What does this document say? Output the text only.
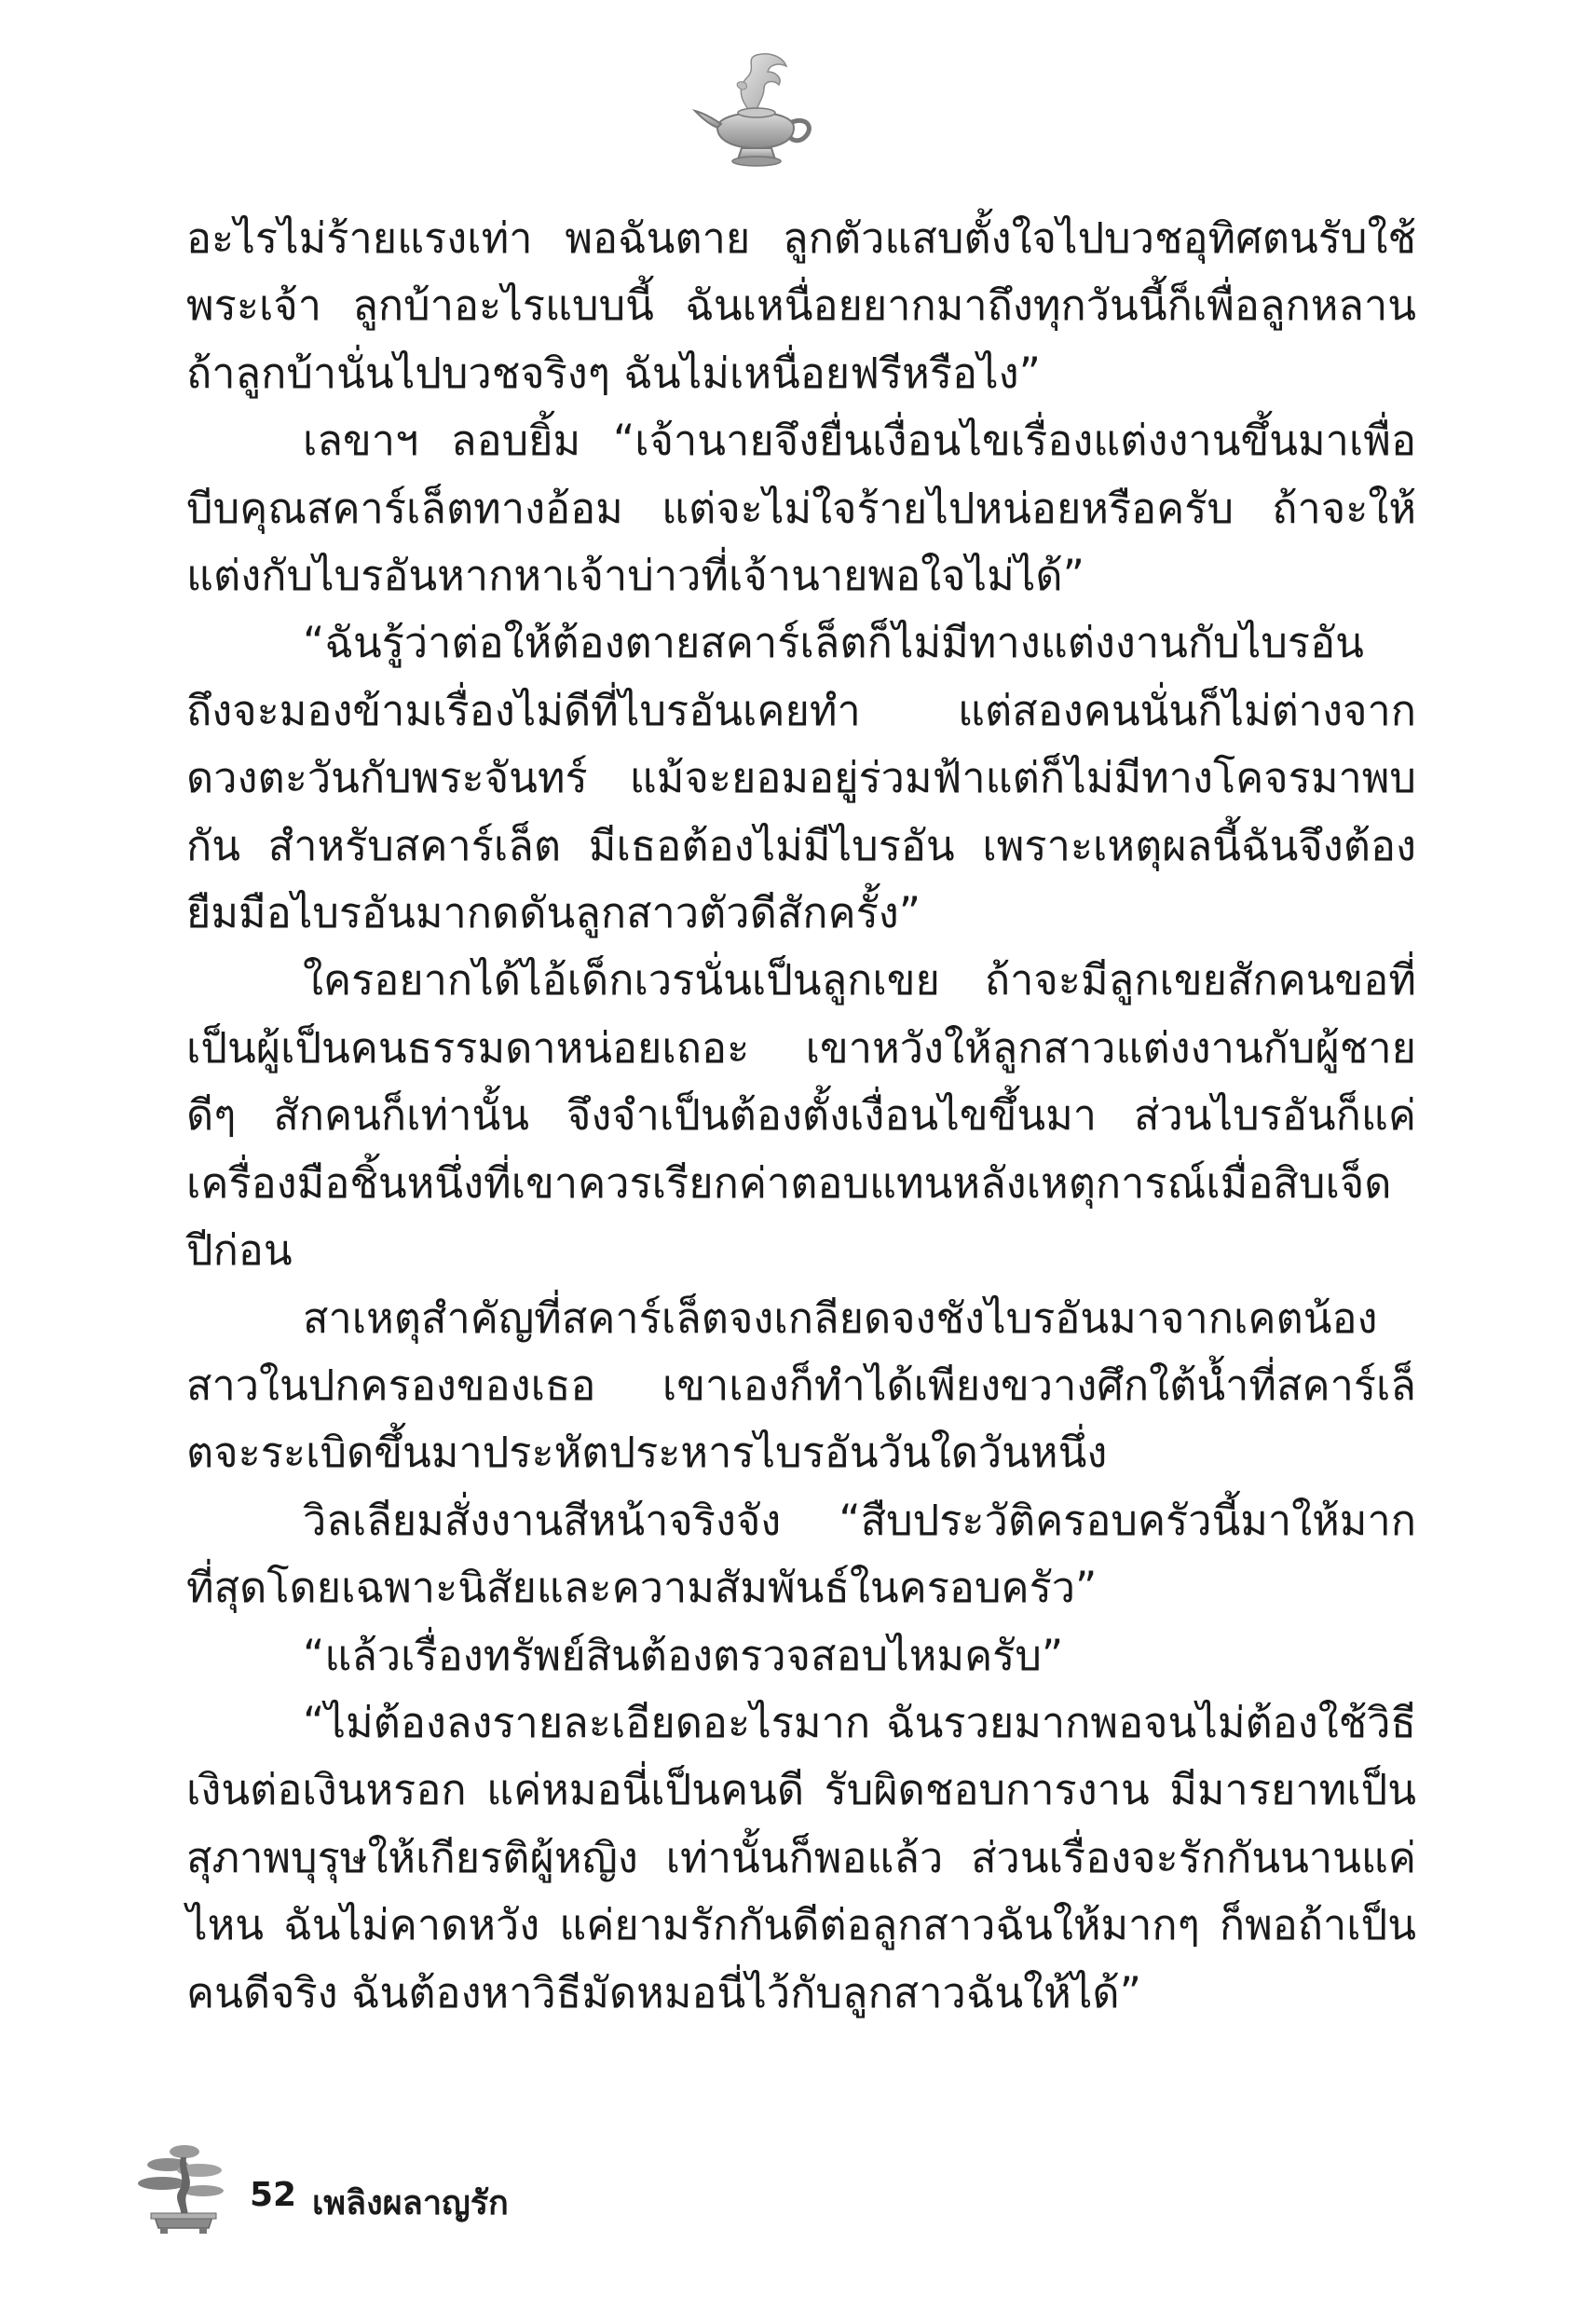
อะไรไม่ร้ายแรงเท่า พอฉันตาย ลูกตัวแสบตั้งใจไปบวชอุทิศตนรับใช้พระเจ้า ลูกบ้าอะไรแบบนี้ ฉันเหนื่อยยากมาถึงทุกวันนี้ก็เพื่อลูกหลาน ถ้าลูกบ้านั่นไปบวชจริงๆ ฉันไม่เหนื่อยฟรีหรือไง”

เลขาฯ ลอบยิ้ม “เจ้านายจึงยื่นเงื่อนไขเรื่องแต่งงานขึ้นมาเพื่อบีบคุณสคาร์เล็ตทางอ้อม แต่จะไม่ใจร้ายไปหน่อยหรือครับ ถ้าจะให้แต่งกับไบรอันหากหาเจ้าบ่าวที่เจ้านายพอใจไม่ได้”

“ฉันรู้ว่าต่อให้ต้องตายสคาร์เล็ตก็ไม่มีทางแต่งงานกับไบรอัน ถึงจะมองข้ามเรื่องไม่ดีที่ไบรอันเคยทำ แต่สองคนนั่นก็ไม่ต่างจากดวงตะวันกับพระจันทร์ แม้จะยอมอยู่ร่วมฟ้าแต่ก็ไม่มีทางโคจรมาพบกัน สำหรับสคาร์เล็ต มีเธอต้องไม่มีไบรอัน เพราะเหตุผลนี้ฉันจึงต้องยืมมือไบรอันมากดดันลูกสาวตัวดีสักครั้ง”

ใครอยากได้ไอ้เด็กเวรนั่นเป็นลูกเขย ถ้าจะมีลูกเขยสักคนขอที่เป็นผู้เป็นคนธรรมดาหน่อยเถอะ เขาหวังให้ลูกสาวแต่งงานกับผู้ชายดีๆ สักคนก็เท่านั้น จึงจำเป็นต้องตั้งเงื่อนไขขึ้นมา ส่วนไบรอันก็แค่เครื่องมือชิ้นหนึ่งที่เขาควรเรียกค่าตอบแทนหลังเหตุการณ์เมื่อสิบเจ็ดปีก่อน

สาเหตุสำคัญที่สคาร์เล็ตจงเกลียดจงชังไบรอันมาจากเคตน้องสาวในปกครองของเธอ เขาเองก็ทำได้เพียงขวางศึกใต้น้ำที่สคาร์เล็ตจะระเบิดขึ้นมาประหัตประหารไบรอันวันใดวันหนึ่ง

วิลเลียมสั่งงานสีหน้าจริงจัง “สืบประวัติครอบครัวนี้มาให้มากที่สุดโดยเฉพาะนิสัยและความสัมพันธ์ในครอบครัว”

“แล้วเรื่องทรัพย์สินต้องตรวจสอบไหมครับ”

“ไม่ต้องลงรายละเอียดอะไรมาก ฉันรวยมากพอจนไม่ต้องใช้วิธีเงินต่อเงินหรอก แค่หมอนี่เป็นคนดี รับผิดชอบการงาน มีมารยาทเป็นสุภาพบุรุษให้เกียรติผู้หญิง เท่านั้นก็พอแล้ว ส่วนเรื่องจะรักกันนานแค่ไหน ฉันไม่คาดหวัง แค่ยามรักกันดีต่อลูกสาวฉันให้มากๆ ก็พอถ้าเป็นคนดีจริง ฉันต้องหาวิธีมัดหมอนี่ไว้กับลูกสาวฉันให้ได้”

52 เพลิงผลาญรัก
